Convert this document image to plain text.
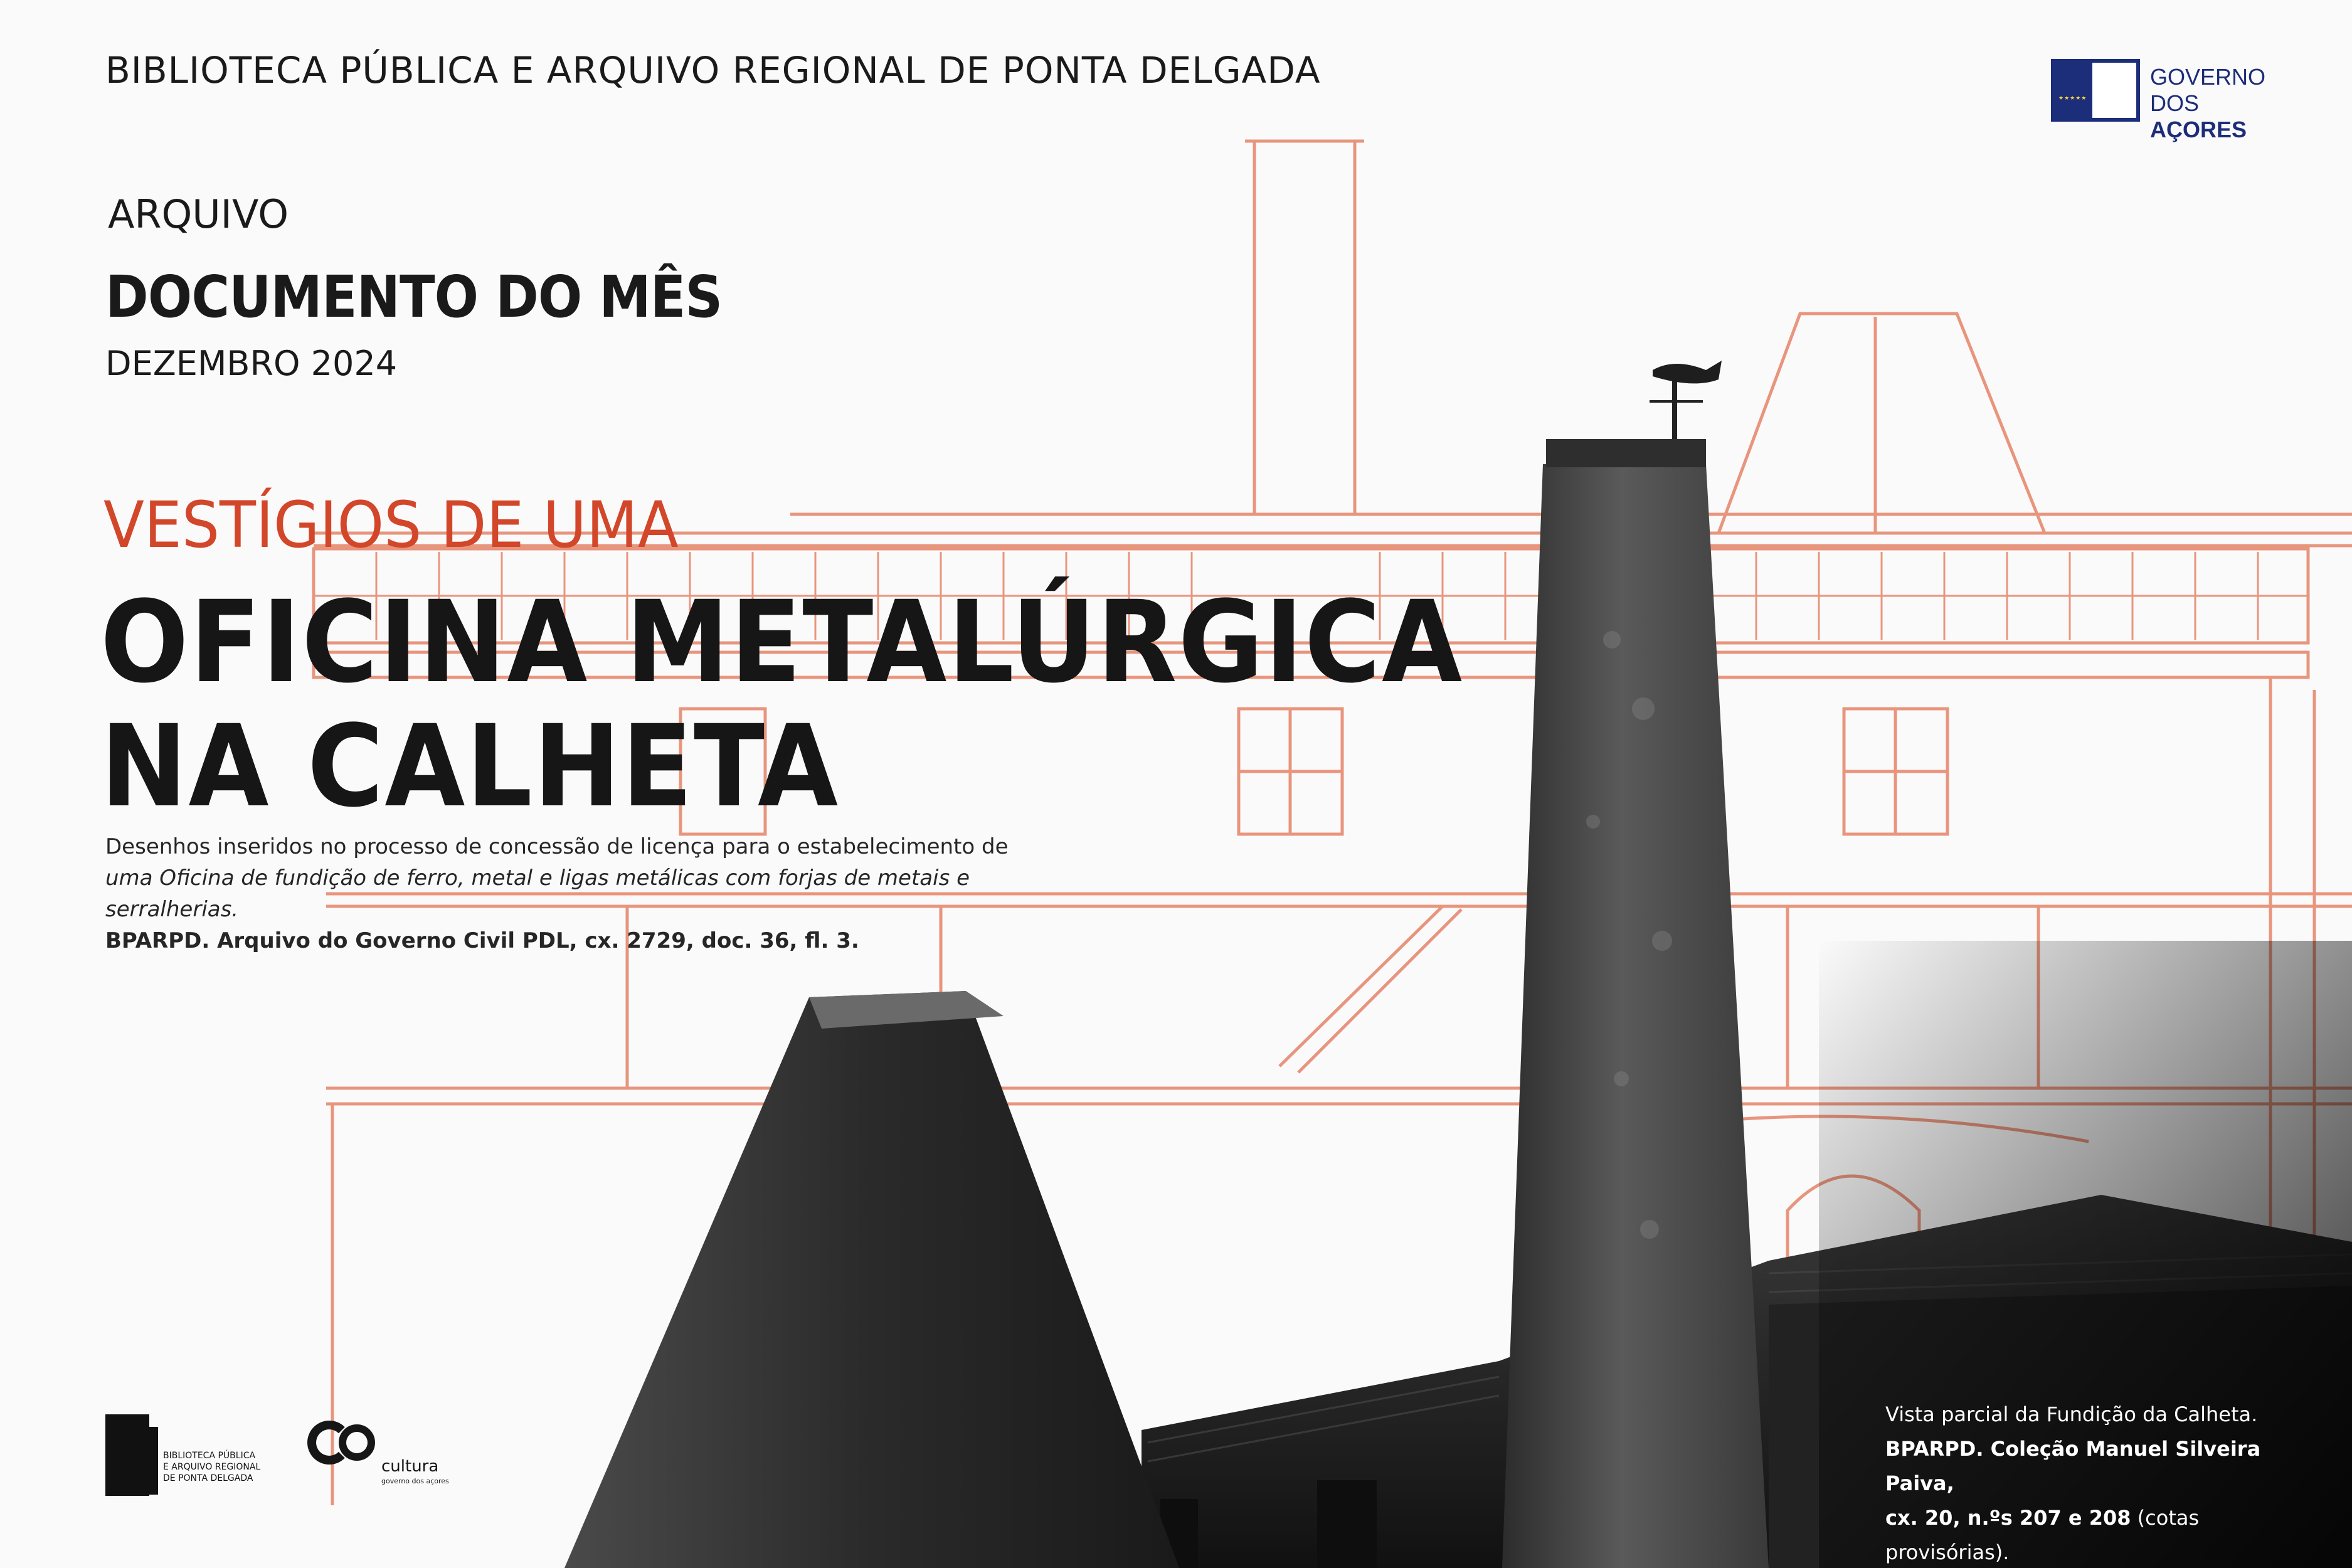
BIBLIOTECA PÚBLICA E ARQUIVO REGIONAL DE PONTA DELGADA
★★★★★
GOVERNO
DOS AÇORES
ARQUIVO
DOCUMENTO DO MÊS
DEZEMBRO 2024
VESTÍGIOS DE UMA
OFICINA METALÚRGICA
NA CALHETA
Desenhos inseridos no processo de concessão de licença para o estabelecimento de uma Oficina de fundição de ferro, metal e ligas metálicas com forjas de metais e serralherias.
BPARPD. Arquivo do Governo Civil PDL, cx. 2729, doc. 36, fl. 3.
Vista parcial da Fundição da Calheta.
BPARPD. Coleção Manuel Silveira Paiva,
cx. 20, n.ºs 207 e 208 (cotas provisórias).
BIBLIOTECA PÚBLICA
E ARQUIVO REGIONAL
DE PONTA DELGADA
cultura
governo dos açores
